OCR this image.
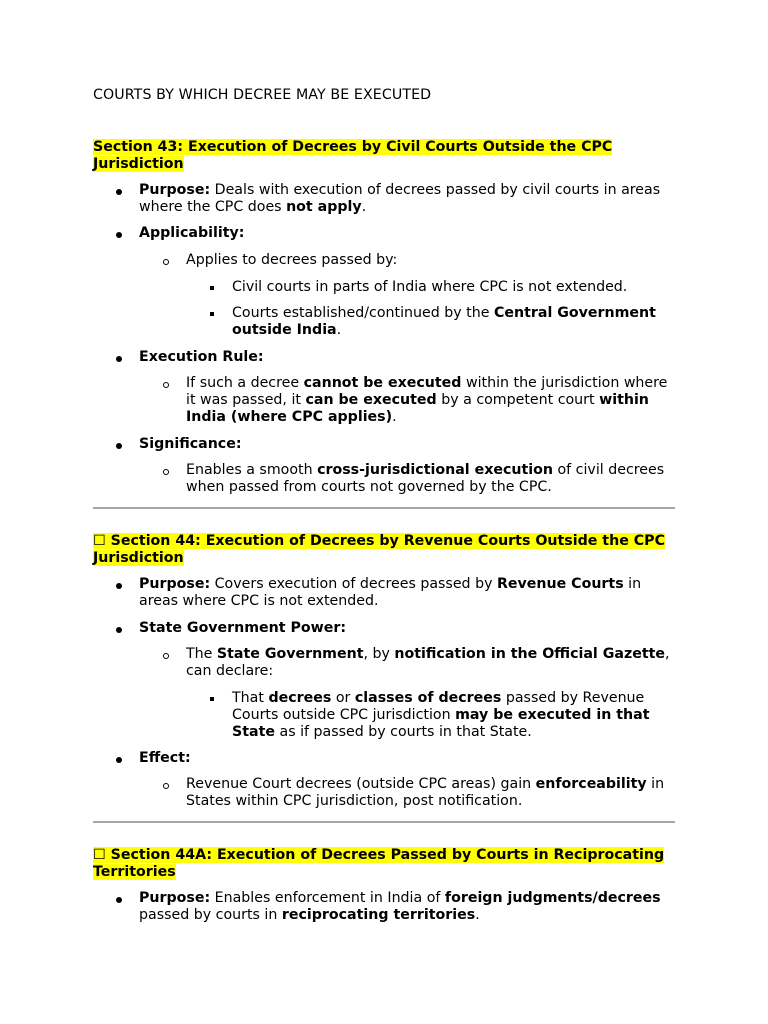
COURTS BY WHICH DECREE MAY BE EXECUTED
Section 43: Execution of Decrees by Civil Courts Outside the CPC
Jurisdiction
Purpose: Deals with execution of decrees passed by civil courts in areas
where the CPC does not apply.
Applicability:
Applies to decrees passed by:
Civil courts in parts of India where CPC is not extended.
Courts established/continued by the Central Government
outside India.
Execution Rule:
If such a decree cannot be executed within the jurisdiction where
it was passed, it can be executed by a competent court within
India (where CPC applies).
Significance:
Enables a smooth cross-jurisdictional execution of civil decrees
when passed from courts not governed by the CPC.
☐ Section 44: Execution of Decrees by Revenue Courts Outside the CPC
Jurisdiction
Purpose: Covers execution of decrees passed by Revenue Courts in
areas where CPC is not extended.
State Government Power:
The State Government, by notification in the Official Gazette,
can declare:
That decrees or classes of decrees passed by Revenue
Courts outside CPC jurisdiction may be executed in that
State as if passed by courts in that State.
Effect:
Revenue Court decrees (outside CPC areas) gain enforceability in
States within CPC jurisdiction, post notification.
☐ Section 44A: Execution of Decrees Passed by Courts in Reciprocating
Territories
Purpose: Enables enforcement in India of foreign judgments/decrees
passed by courts in reciprocating territories.
